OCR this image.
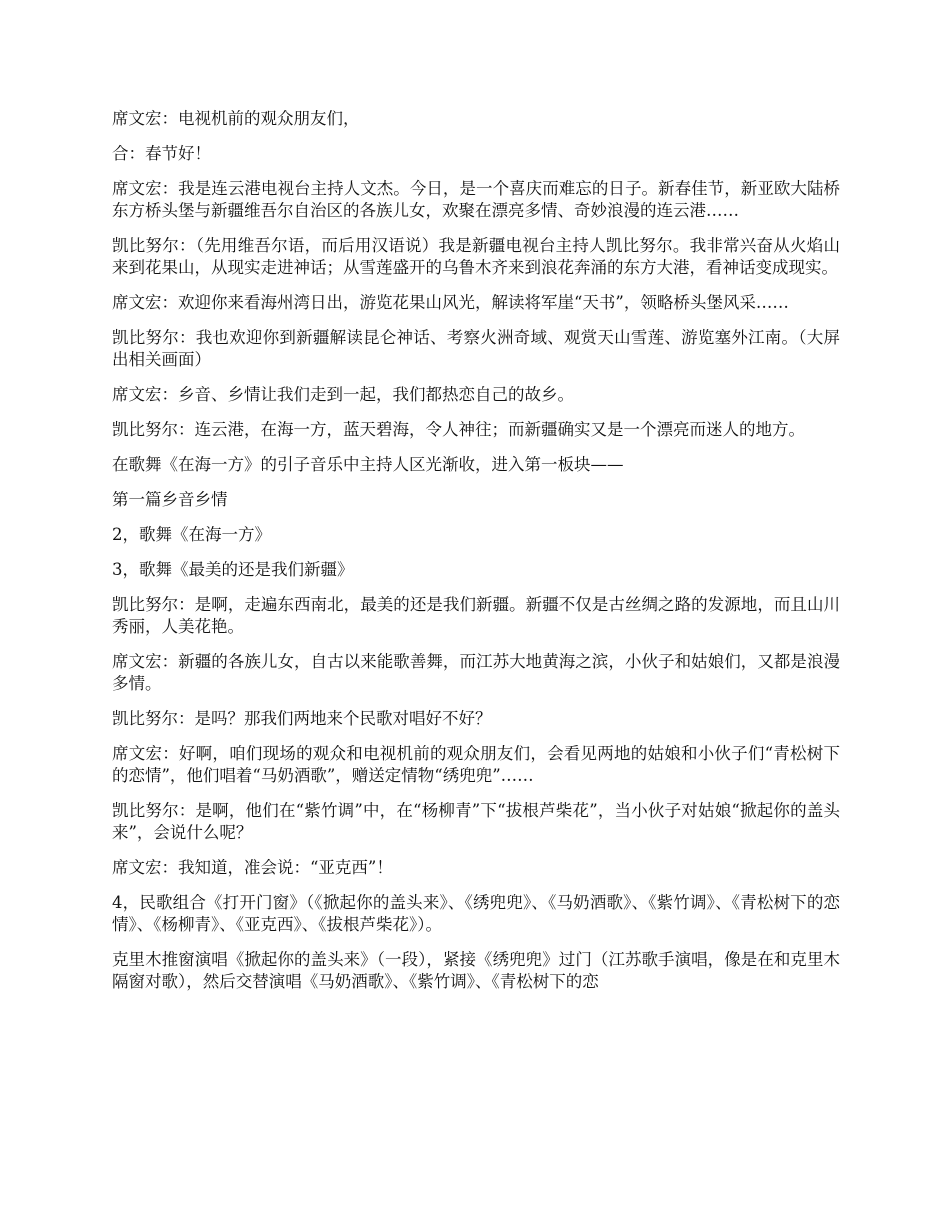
席文宏：电视机前的观众朋友们，

合：春节好！

席文宏：我是连云港电视台主持人文杰。今日，是一个喜庆而难忘的日子。新春佳节，新亚欧大陆桥东方桥头堡与新疆维吾尔自治区的各族儿女，欢聚在漂亮多情、奇妙浪漫的连云港……

凯比努尔：（先用维吾尔语，而后用汉语说）我是新疆电视台主持人凯比努尔。我非常兴奋从火焰山来到花果山，从现实走进神话；从雪莲盛开的乌鲁木齐来到浪花奔涌的东方大港，看神话变成现实。

席文宏：欢迎你来看海州湾日出，游览花果山风光，解读将军崖“天书”，领略桥头堡风采……

凯比努尔：我也欢迎你到新疆解读昆仑神话、考察火洲奇域、观赏天山雪莲、游览塞外江南。（大屏出相关画面）

席文宏：乡音、乡情让我们走到一起，我们都热恋自己的故乡。

凯比努尔：连云港，在海一方，蓝天碧海，令人神往；而新疆确实又是一个漂亮而迷人的地方。

在歌舞《在海一方》的引子音乐中主持人区光渐收，进入第一板块——

第一篇乡音乡情

2，歌舞《在海一方》

3，歌舞《最美的还是我们新疆》

凯比努尔：是啊，走遍东西南北，最美的还是我们新疆。新疆不仅是古丝绸之路的发源地，而且山川秀丽，人美花艳。

席文宏：新疆的各族儿女，自古以来能歌善舞，而江苏大地黄海之滨，小伙子和姑娘们，又都是浪漫多情。

凯比努尔：是吗？那我们两地来个民歌对唱好不好？

席文宏：好啊，咱们现场的观众和电视机前的观众朋友们，会看见两地的姑娘和小伙子们“青松树下的恋情”，他们唱着“马奶酒歌”，赠送定情物“绣兜兜”……

凯比努尔：是啊，他们在“紫竹调”中，在“杨柳青”下“拔根芦柴花”，当小伙子对姑娘“掀起你的盖头来”，会说什么呢？

席文宏：我知道，准会说：“亚克西”！

4，民歌组合《打开门窗》（《掀起你的盖头来》、《绣兜兜》、《马奶酒歌》、《紫竹调》、《青松树下的恋情》、《杨柳青》、《亚克西》、《拔根芦柴花》）。

克里木推窗演唱《掀起你的盖头来》（一段），紧接《绣兜兜》过门（江苏歌手演唱，像是在和克里木隔窗对歌），然后交替演唱《马奶酒歌》、《紫竹调》、《青松树下的恋
